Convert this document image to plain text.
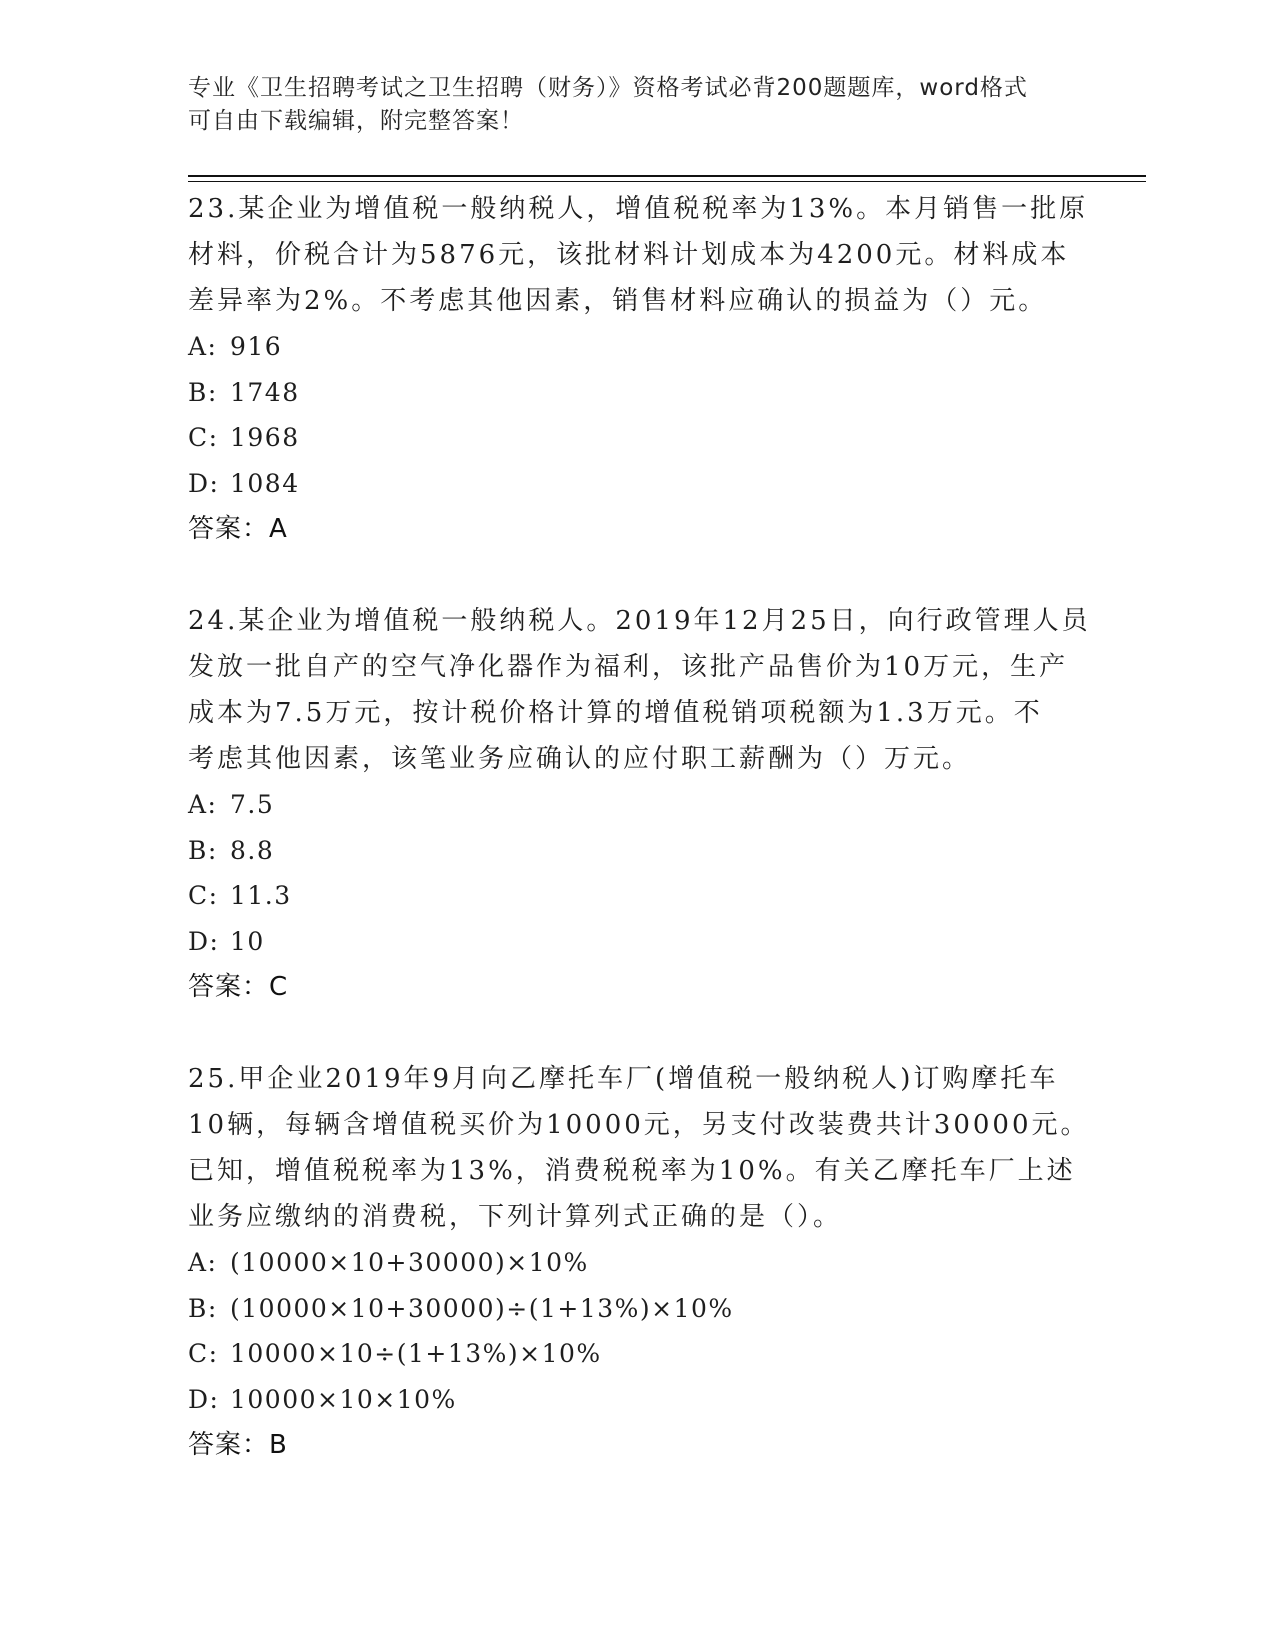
专业《卫生招聘考试之卫生招聘（财务）》资格考试必背200题题库，word格式
可自由下载编辑，附完整答案！
23.某企业为增值税一般纳税人，增值税税率为13%。本月销售一批原
材料，价税合计为5876元，该批材料计划成本为4200元。材料成本
差异率为2%。不考虑其他因素，销售材料应确认的损益为（）元。
A: 916
B: 1748
C: 1968
D: 1084
答案：A
24.某企业为增值税一般纳税人。2019年12月25日，向行政管理人员
发放一批自产的空气净化器作为福利，该批产品售价为10万元，生产
成本为7.5万元，按计税价格计算的增值税销项税额为1.3万元。不
考虑其他因素，该笔业务应确认的应付职工薪酬为（）万元。
A: 7.5
B: 8.8
C: 11.3
D: 10
答案：C
25.甲企业2019年9月向乙摩托车厂(增值税一般纳税人)订购摩托车
10辆，每辆含增值税买价为10000元，另支付改装费共计30000元。
已知，增值税税率为13%，消费税税率为10%。有关乙摩托车厂上述
业务应缴纳的消费税，下列计算列式正确的是（）。
A: (10000×10+30000)×10%
B: (10000×10+30000)÷(1+13%)×10%
C: 10000×10÷(1+13%)×10%
D: 10000×10×10%
答案：B
